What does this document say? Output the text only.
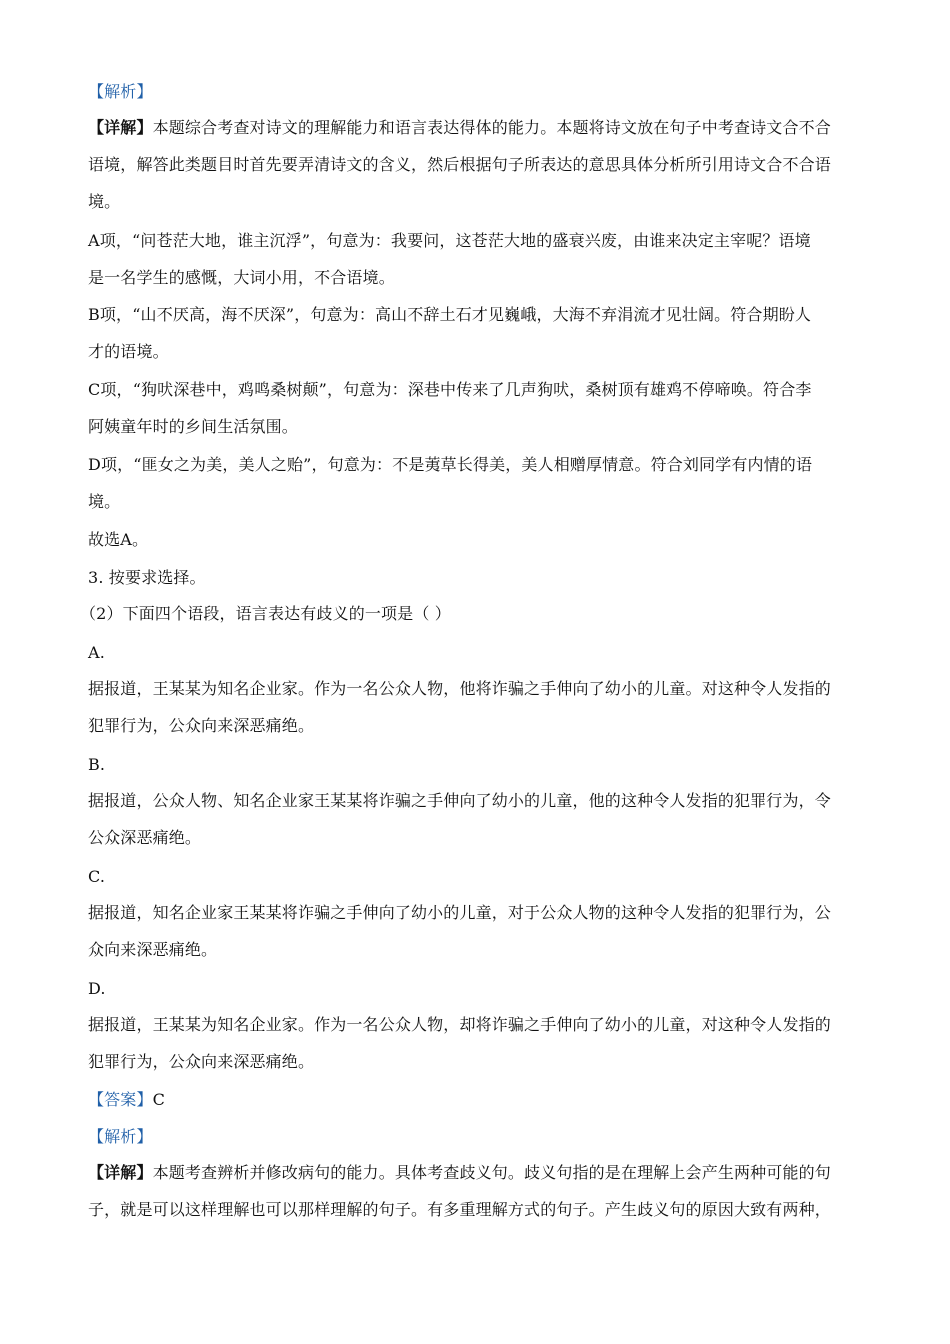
【解析】
【详解】本题综合考查对诗文的理解能力和语言表达得体的能力。本题将诗文放在句子中考查诗文合不合
语境，解答此类题目时首先要弄清诗文的含义，然后根据句子所表达的意思具体分析所引用诗文合不合语
境。
A项，“问苍茫大地，谁主沉浮”，句意为：我要问，这苍茫大地的盛衰兴废，由谁来决定主宰呢？语境
是一名学生的感慨，大词小用，不合语境。
B项，“山不厌高，海不厌深”，句意为：高山不辞土石才见巍峨，大海不弃涓流才见壮阔。符合期盼人
才的语境。
C项，“狗吠深巷中，鸡鸣桑树颠”，句意为：深巷中传来了几声狗吠，桑树顶有雄鸡不停啼唤。符合李
阿姨童年时的乡间生活氛围。
D项，“匪女之为美，美人之贻”，句意为：不是荑草长得美，美人相赠厚情意。符合刘同学有内情的语
境。
故选A。
3. 按要求选择。
（2）下面四个语段，语言表达有歧义的一项是（ ）
A.
据报道，王某某为知名企业家。作为一名公众人物，他将诈骗之手伸向了幼小的儿童。对这种令人发指的
犯罪行为，公众向来深恶痛绝。
B.
据报道，公众人物、知名企业家王某某将诈骗之手伸向了幼小的儿童，他的这种令人发指的犯罪行为，令
公众深恶痛绝。
C.
据报道，知名企业家王某某将诈骗之手伸向了幼小的儿童，对于公众人物的这种令人发指的犯罪行为，公
众向来深恶痛绝。
D.
据报道，王某某为知名企业家。作为一名公众人物，却将诈骗之手伸向了幼小的儿童，对这种令人发指的
犯罪行为，公众向来深恶痛绝。
【答案】C
【解析】
【详解】本题考查辨析并修改病句的能力。具体考查歧义句。歧义句指的是在理解上会产生两种可能的句
子，就是可以这样理解也可以那样理解的句子。有多重理解方式的句子。产生歧义句的原因大致有两种，
